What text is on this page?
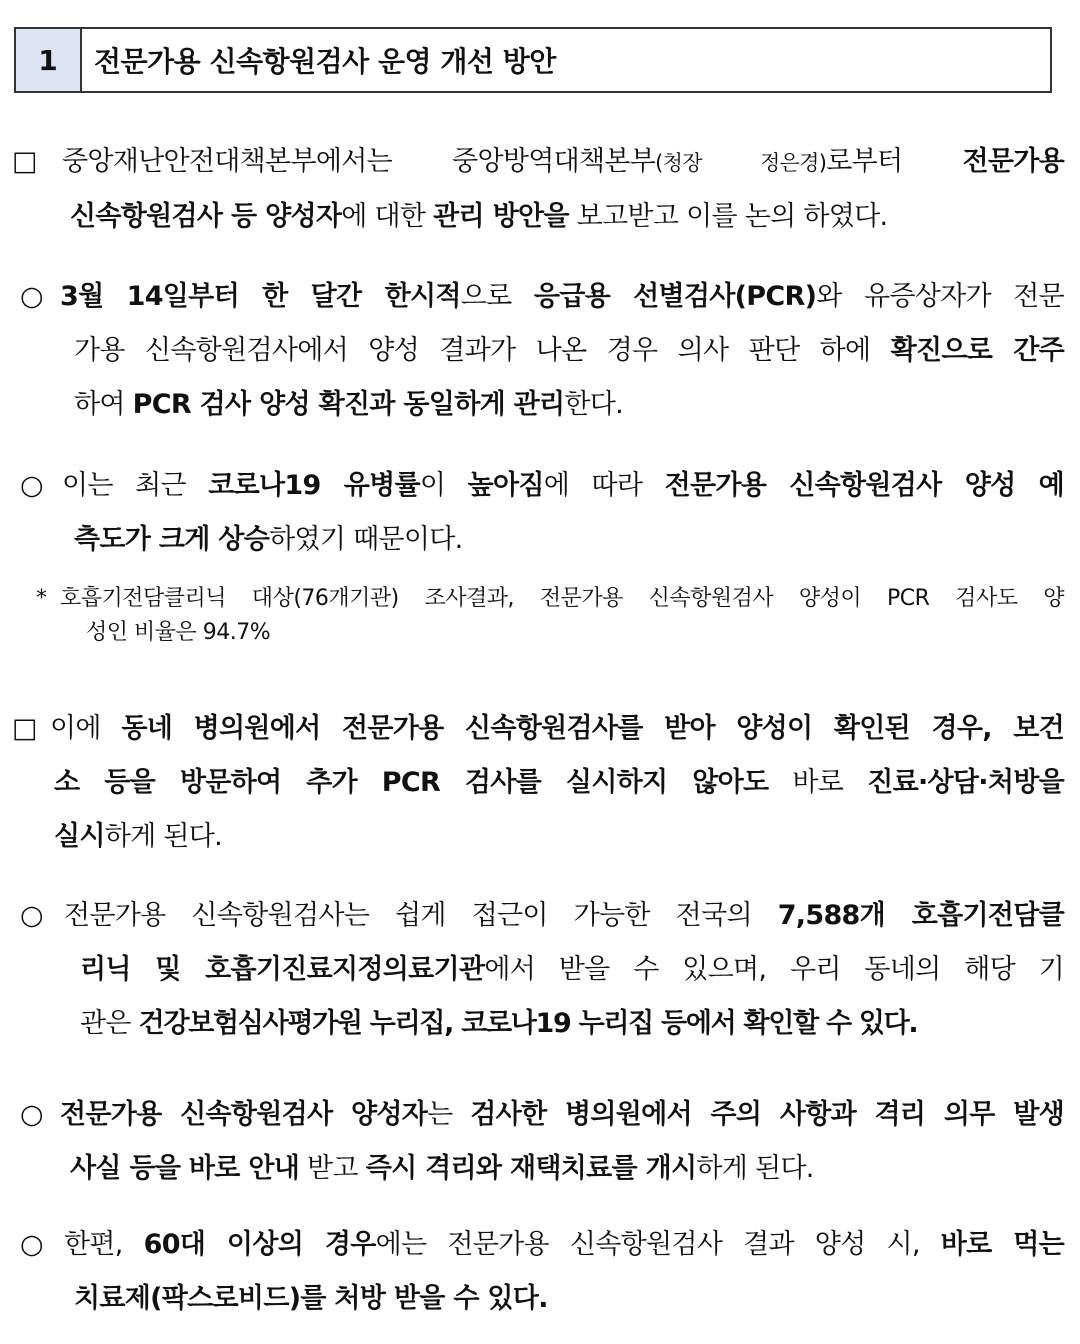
1	전문가용 신속항원검사 운영 개선 방안
□ 중앙재난안전대책본부에서는 중앙방역대책본부(청장 정은경)로부터 전문가용
신속항원검사 등 양성자에 대한 관리 방안을 보고받고 이를 논의 하였다.
○ 3월 14일부터 한 달간 한시적으로 응급용 선별검사(PCR)와 유증상자가 전문
가용 신속항원검사에서 양성 결과가 나온 경우 의사 판단 하에 확진으로 간주
하여 PCR 검사 양성 확진과 동일하게 관리한다.
○ 이는 최근 코로나19 유병률이 높아짐에 따라 전문가용 신속항원검사 양성 예
측도가 크게 상승하였기 때문이다.
* 호흡기전담클리닉 대상(76개기관) 조사결과, 전문가용 신속항원검사 양성이 PCR 검사도 양
성인 비율은 94.7%
□ 이에 동네 병의원에서 전문가용 신속항원검사를 받아 양성이 확인된 경우, 보건
소 등을 방문하여 추가 PCR 검사를 실시하지 않아도 바로 진료·상담·처방을
실시하게 된다.
○ 전문가용 신속항원검사는 쉽게 접근이 가능한 전국의 7,588개 호흡기전담클
리닉 및 호흡기진료지정의료기관에서 받을 수 있으며, 우리 동네의 해당 기
관은 건강보험심사평가원 누리집, 코로나19 누리집 등에서 확인할 수 있다.
○ 전문가용 신속항원검사 양성자는 검사한 병의원에서 주의 사항과 격리 의무 발생
사실 등을 바로 안내 받고 즉시 격리와 재택치료를 개시하게 된다.
○ 한편, 60대 이상의 경우에는 전문가용 신속항원검사 결과 양성 시, 바로 먹는
치료제(팍스로비드)를 처방 받을 수 있다.
